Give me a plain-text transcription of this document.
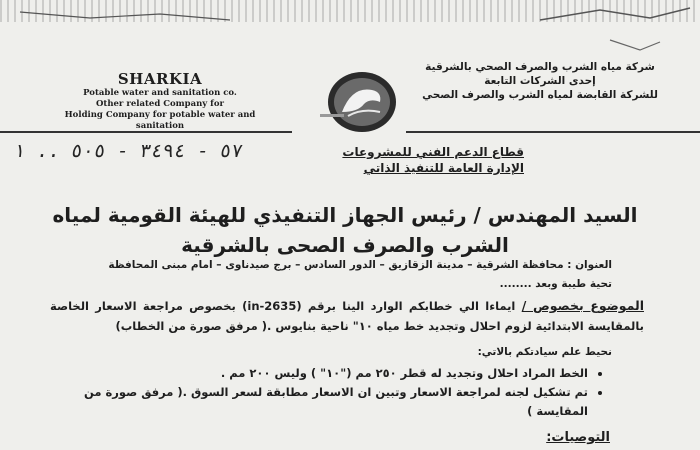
SHARKIA
Potable water and sanitation co.
Other related Company for
Holding Company for potable water and sanitation
شركة مياه الشرب والصرف الصحي بالشرقية
إحدى الشركات التابعة
للشركة القابضة لمياه الشرب والصرف الصحي
٥٧ - ٣٤٩٤ - ٥٠٥ .. ١	قطاع الدعم الفني للمشروعات
الإدارة العامة للتنفيذ الذاتي
السيد المهندس / رئيس الجهاز التنفيذي للهيئة القومية لمياه الشرب والصرف الصحى بالشرقية
العنوان : محافظة الشرقية – مدينة الزقازيق – الدور السادس – برج صيدناوى – امام مبنى المحافظة
تحية طيبة وبعد ........
الموضوع بخصوص / ايماءا الي خطابكم الوارد الينا برقم (in-2635) بخصوص مراجعة الاسعار الخاصة بالمقايسة الابتدائية لزوم احلال وتجديد خط مياه ١٠" ناحية بنايوس .( مرفق صورة من الخطاب)
نحيط علم سيادتكم بالاتي:
• الخط المراد احلال وتجديد له قطر ٢٥٠ مم ("١٠" ) وليس ٢٠٠ مم .
• تم تشكيل لجنه لمراجعة الاسعار وتبين ان الاسعار مطابقة لسعر السوق .( مرفق صورة من المقايسة )
التوصيات:
